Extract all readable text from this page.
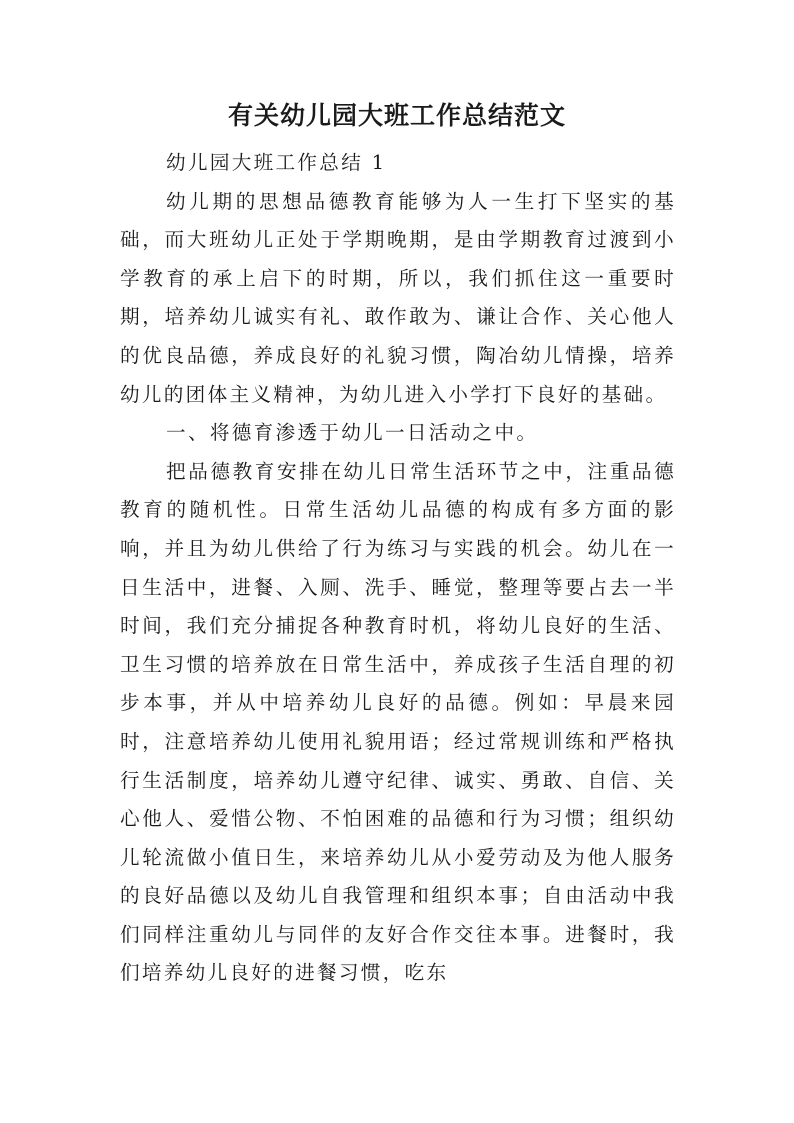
有关幼儿园大班工作总结范文

幼儿园大班工作总结 1

幼儿期的思想品德教育能够为人一生打下坚实的基础，而大班幼儿正处于学期晚期，是由学期教育过渡到小学教育的承上启下的时期，所以，我们抓住这一重要时期，培养幼儿诚实有礼、敢作敢为、谦让合作、关心他人的优良品德，养成良好的礼貌习惯，陶冶幼儿情操，培养幼儿的团体主义精神，为幼儿进入小学打下良好的基础。

一、将德育渗透于幼儿一日活动之中。

把品德教育安排在幼儿日常生活环节之中，注重品德教育的随机性。日常生活幼儿品德的构成有多方面的影响，并且为幼儿供给了行为练习与实践的机会。幼儿在一日生活中，进餐、入厕、洗手、睡觉，整理等要占去一半时间，我们充分捕捉各种教育时机，将幼儿良好的生活、卫生习惯的培养放在日常生活中，养成孩子生活自理的初步本事，并从中培养幼儿良好的品德。例如：早晨来园时，注意培养幼儿使用礼貌用语；经过常规训练和严格执行生活制度，培养幼儿遵守纪律、诚实、勇敢、自信、关心他人、爱惜公物、不怕困难的品德和行为习惯；组织幼儿轮流做小值日生，来培养幼儿从小爱劳动及为他人服务的良好品德以及幼儿自我管理和组织本事；自由活动中我们同样注重幼儿与同伴的友好合作交往本事。进餐时，我们培养幼儿良好的进餐习惯，吃东
